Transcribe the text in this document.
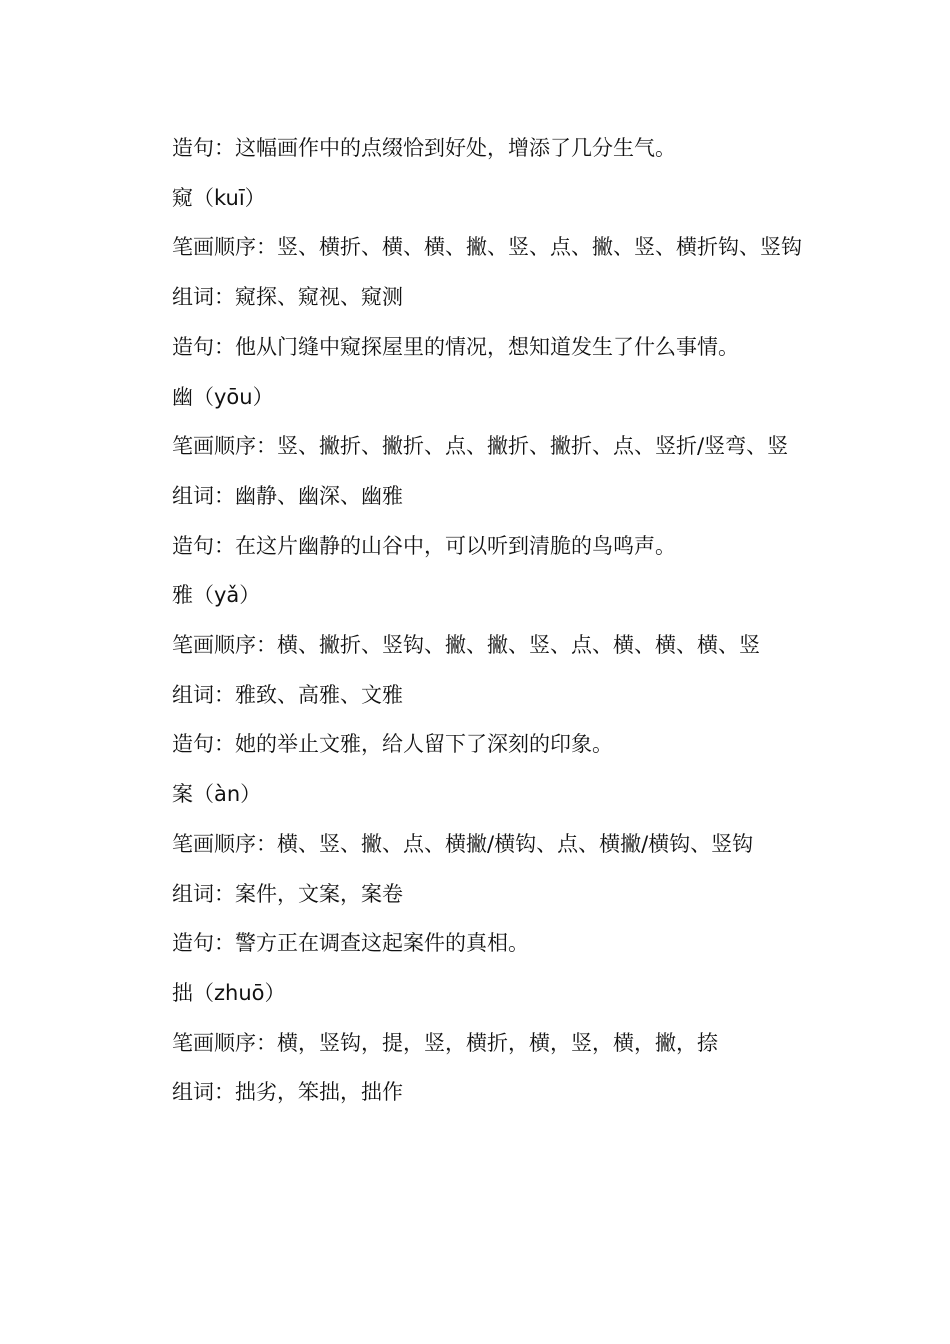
造句：这幅画作中的点缀恰到好处，增添了几分生气。

窥（kuī）

笔画顺序：竖、横折、横、横、撇、竖、点、撇、竖、横折钩、竖钩

组词：窥探、窥视、窥测

造句：他从门缝中窥探屋里的情况，想知道发生了什么事情。

幽（yōu）

笔画顺序：竖、撇折、撇折、点、撇折、撇折、点、竖折/竖弯、竖

组词：幽静、幽深、幽雅

造句：在这片幽静的山谷中，可以听到清脆的鸟鸣声。

雅（yǎ）

笔画顺序：横、撇折、竖钩、撇、撇、竖、点、横、横、横、竖

组词：雅致、高雅、文雅

造句：她的举止文雅，给人留下了深刻的印象。

案（àn）

笔画顺序：横、竖、撇、点、横撇/横钩、点、横撇/横钩、竖钩

组词：案件，文案，案卷

造句：警方正在调查这起案件的真相。

拙（zhuō）

笔画顺序：横，竖钩，提，竖，横折，横，竖，横，撇，捺

组词：拙劣，笨拙，拙作
